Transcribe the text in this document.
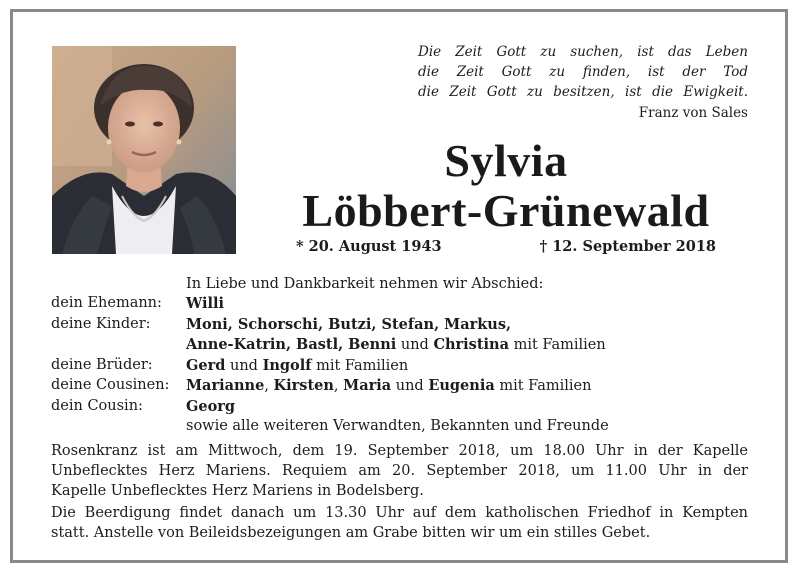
Die Zeit Gott zu suchen, ist das Leben
die Zeit Gott zu finden, ist der Tod
die Zeit Gott zu besitzen, ist die Ewigkeit.
Franz von Sales
Sylvia
Löbbert-Grünewald
* 20. August 1943	† 12. September 2018
In Liebe und Dankbarkeit nehmen wir Abschied:
dein Ehemann:	Willi
deine Kinder:	Moni, Schorschi, Butzi, Stefan, Markus,
Anne-Katrin, Bastl, Benni und Christina mit Familien
deine Brüder:	Gerd und Ingolf mit Familien
deine Cousinen:	Marianne, Kirsten, Maria und Eugenia mit Familien
dein Cousin:	Georg
sowie alle weiteren Verwandten, Bekannten und Freunde
Rosenkranz ist am Mittwoch, dem 19. September 2018, um 18.00 Uhr in der Kapelle
Unbeflecktes Herz Mariens. Requiem am 20. September 2018, um 11.00 Uhr in der
Kapelle Unbeflecktes Herz Mariens in Bodelsberg.
Die Beerdigung findet danach um 13.30 Uhr auf dem katholischen Friedhof in Kempten
statt. Anstelle von Beileidsbezeigungen am Grabe bitten wir um ein stilles Gebet.
